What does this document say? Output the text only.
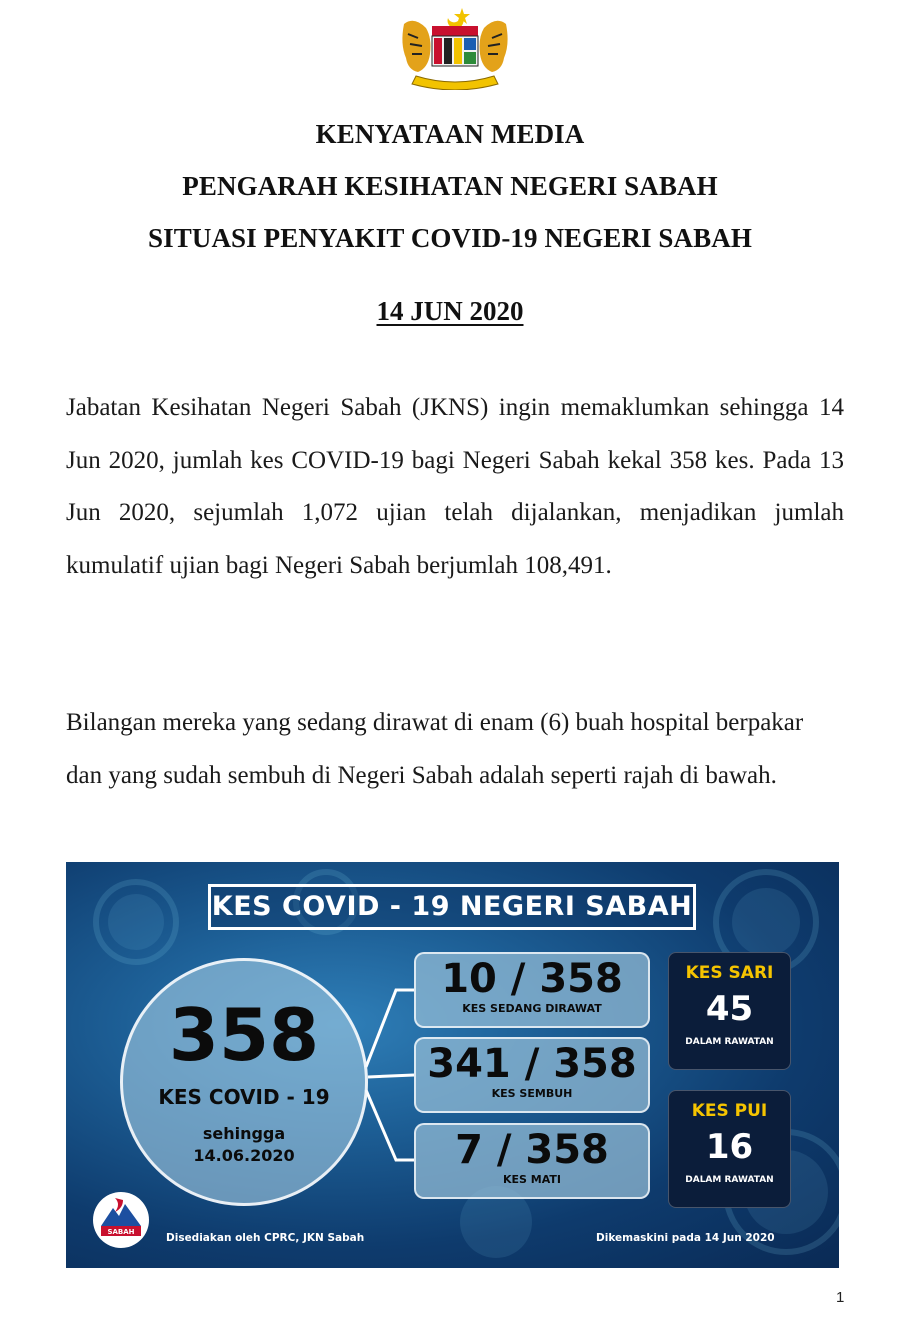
KENYATAAN MEDIA
PENGARAH KESIHATAN NEGERI SABAH
SITUASI PENYAKIT COVID-19 NEGERI SABAH
14 JUN 2020

Jabatan Kesihatan Negeri Sabah (JKNS) ingin memaklumkan sehingga 14 Jun 2020, jumlah kes COVID-19 bagi Negeri Sabah kekal 358 kes. Pada 13 Jun 2020, sejumlah 1,072 ujian telah dijalankan, menjadikan jumlah kumulatif ujian bagi Negeri Sabah berjumlah 108,491.

Bilangan mereka yang sedang dirawat di enam (6) buah hospital berpakar dan yang sudah sembuh di Negeri Sabah adalah seperti rajah di bawah.

KES COVID - 19 NEGERI SABAH
358
KES COVID - 19
sehingga
14.06.2020
10 / 358
KES SEDANG DIRAWAT
341 / 358
KES SEMBUH
7 / 358
KES MATI
KES SARI
45
DALAM RAWATAN
KES PUI
16
DALAM RAWATAN
SABAH	Disediakan oleh CPRC, JKN Sabah	Dikemaskini pada 14 Jun 2020
1
